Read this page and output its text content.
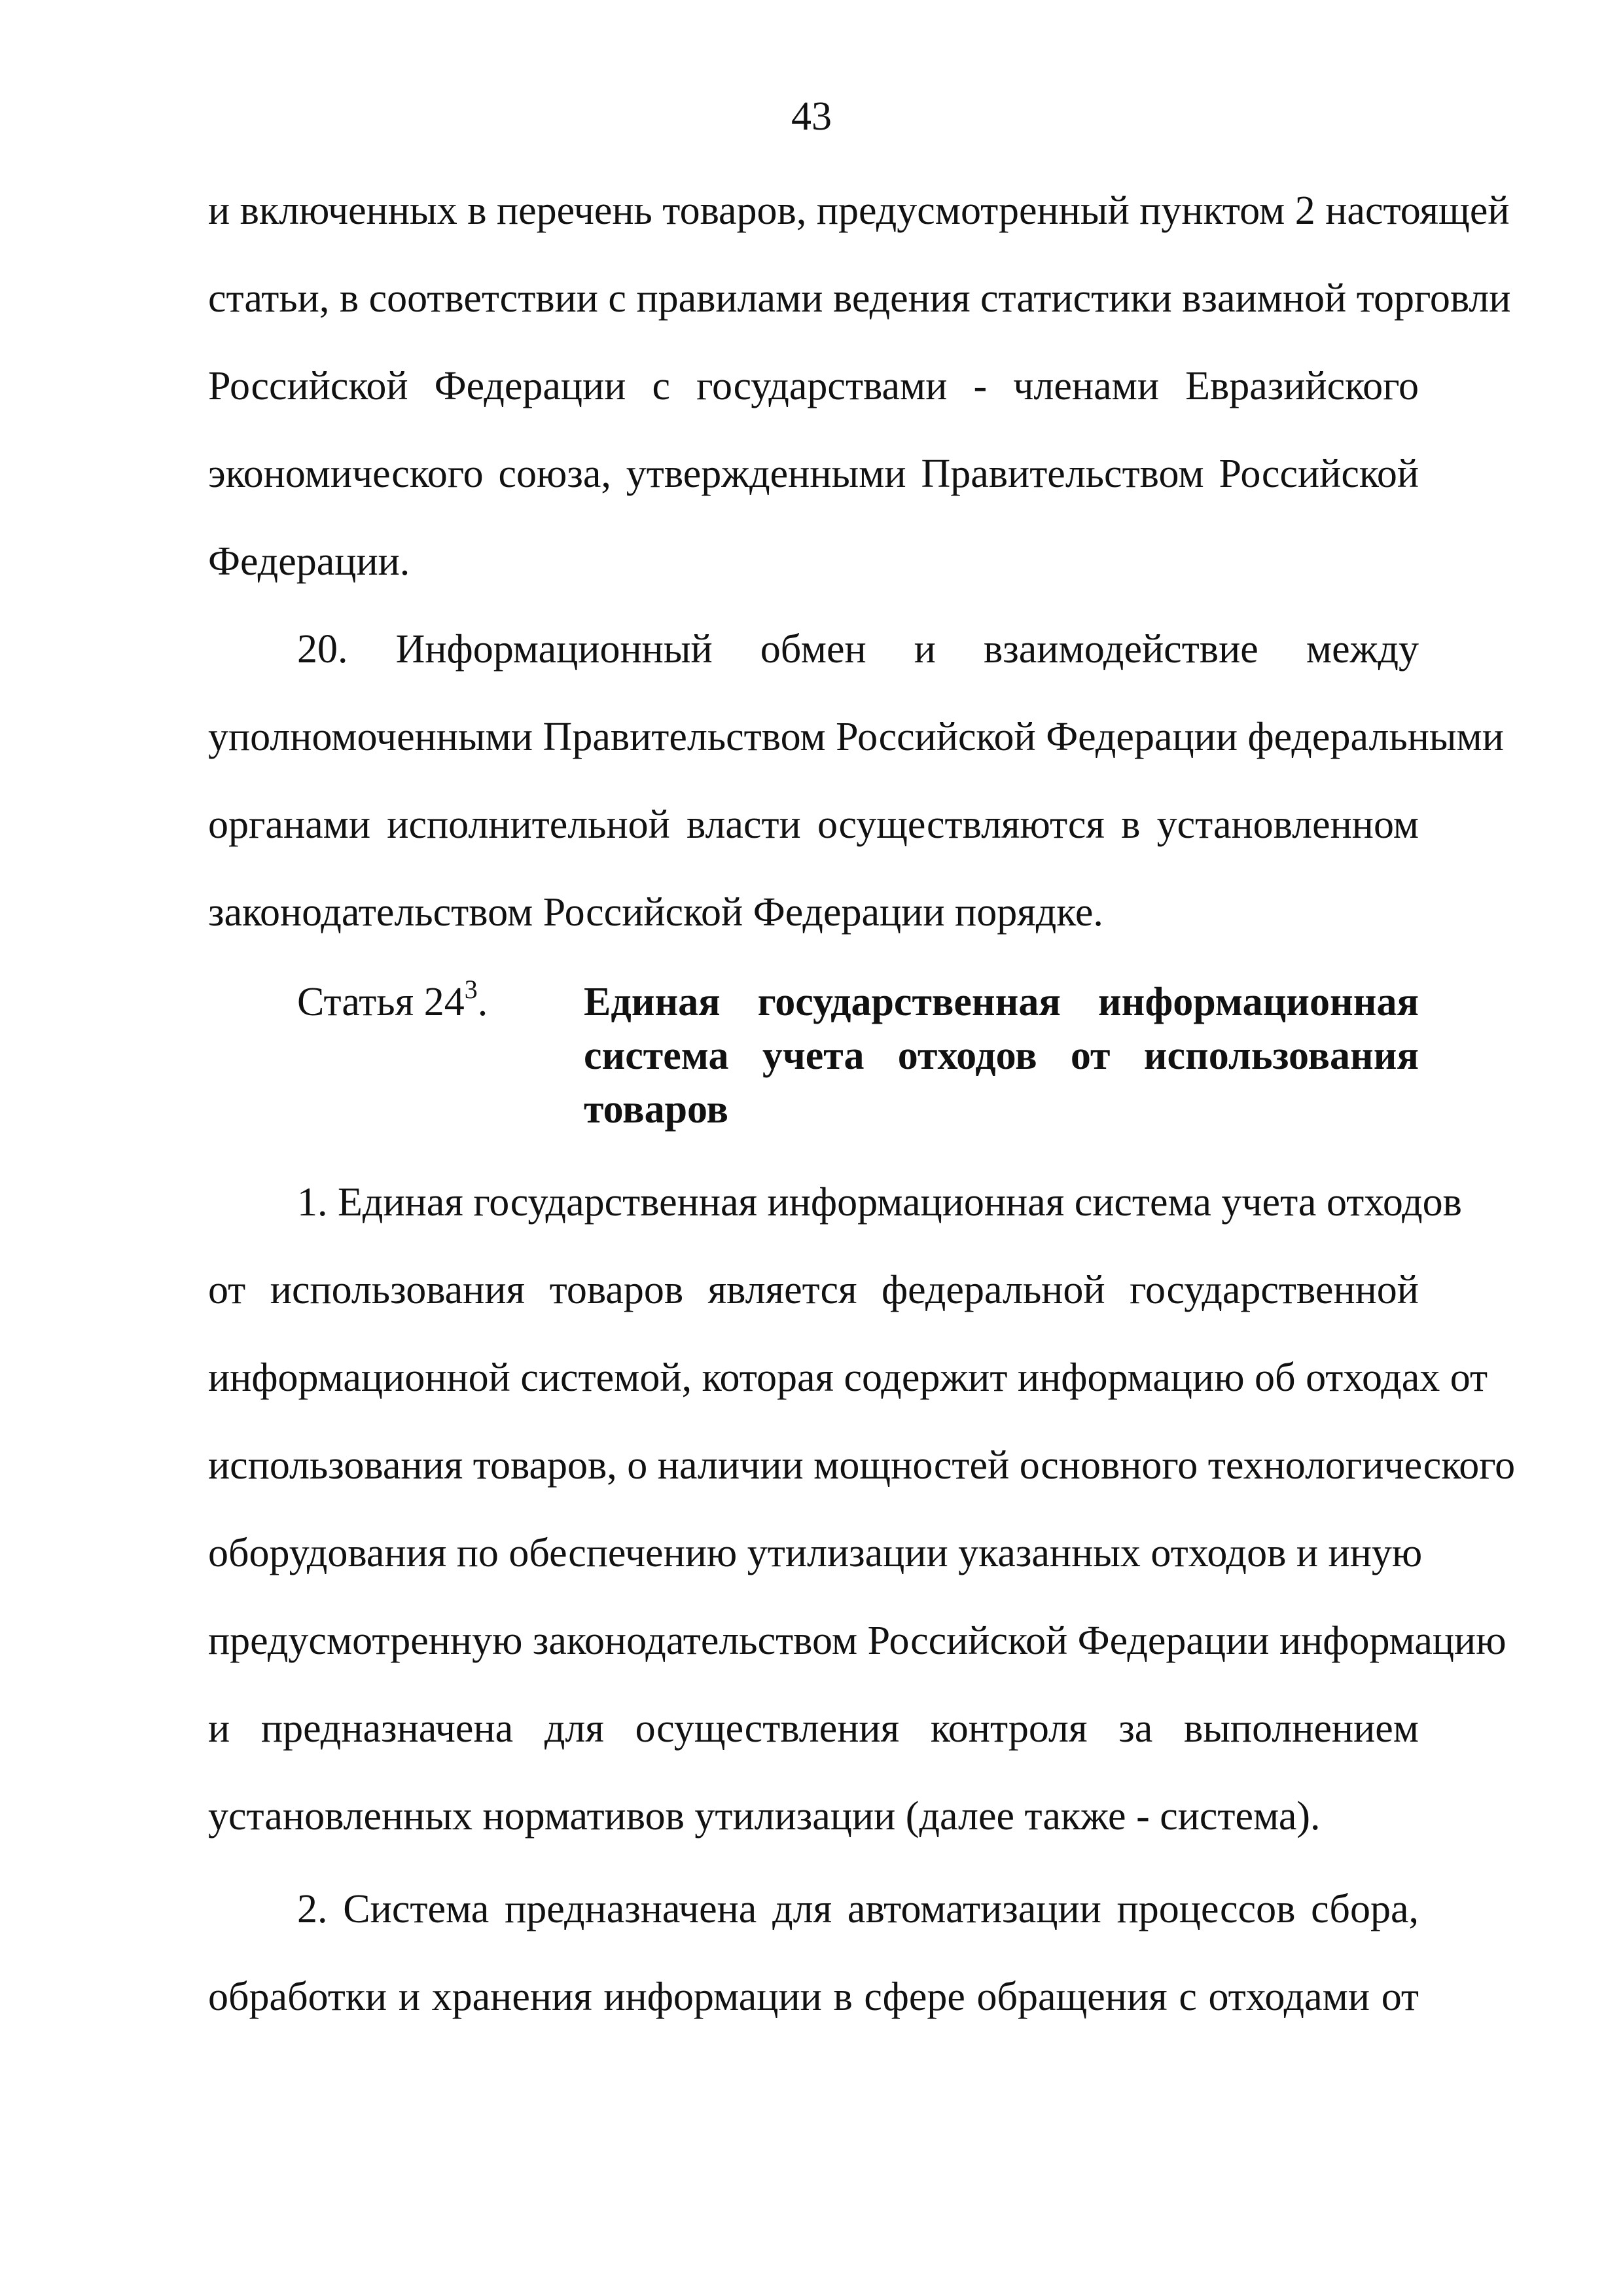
43
и включенных в перечень товаров, предусмотренный пунктом 2 настоящей
статьи, в соответствии с правилами ведения статистики взаимной торговли
Российской Федерации с государствами - членами Евразийского
экономического союза, утвержденными Правительством Российской
Федерации.
20. Информационный обмен и взаимодействие между
уполномоченными Правительством Российской Федерации федеральными
органами исполнительной власти осуществляются в установленном
законодательством Российской Федерации порядке.
Статья $24^3$. Единая государственная информационная
система учета отходов от использования
товаров
1. Единая государственная информационная система учета отходов
от использования товаров является федеральной государственной
информационной системой, которая содержит информацию об отходах от
использования товаров, о наличии мощностей основного технологического
оборудования по обеспечению утилизации указанных отходов и иную
предусмотренную законодательством Российской Федерации информацию
и предназначена для осуществления контроля за выполнением
установленных нормативов утилизации (далее также - система).
2. Система предназначена для автоматизации процессов сбора,
обработки и хранения информации в сфере обращения с отходами от
